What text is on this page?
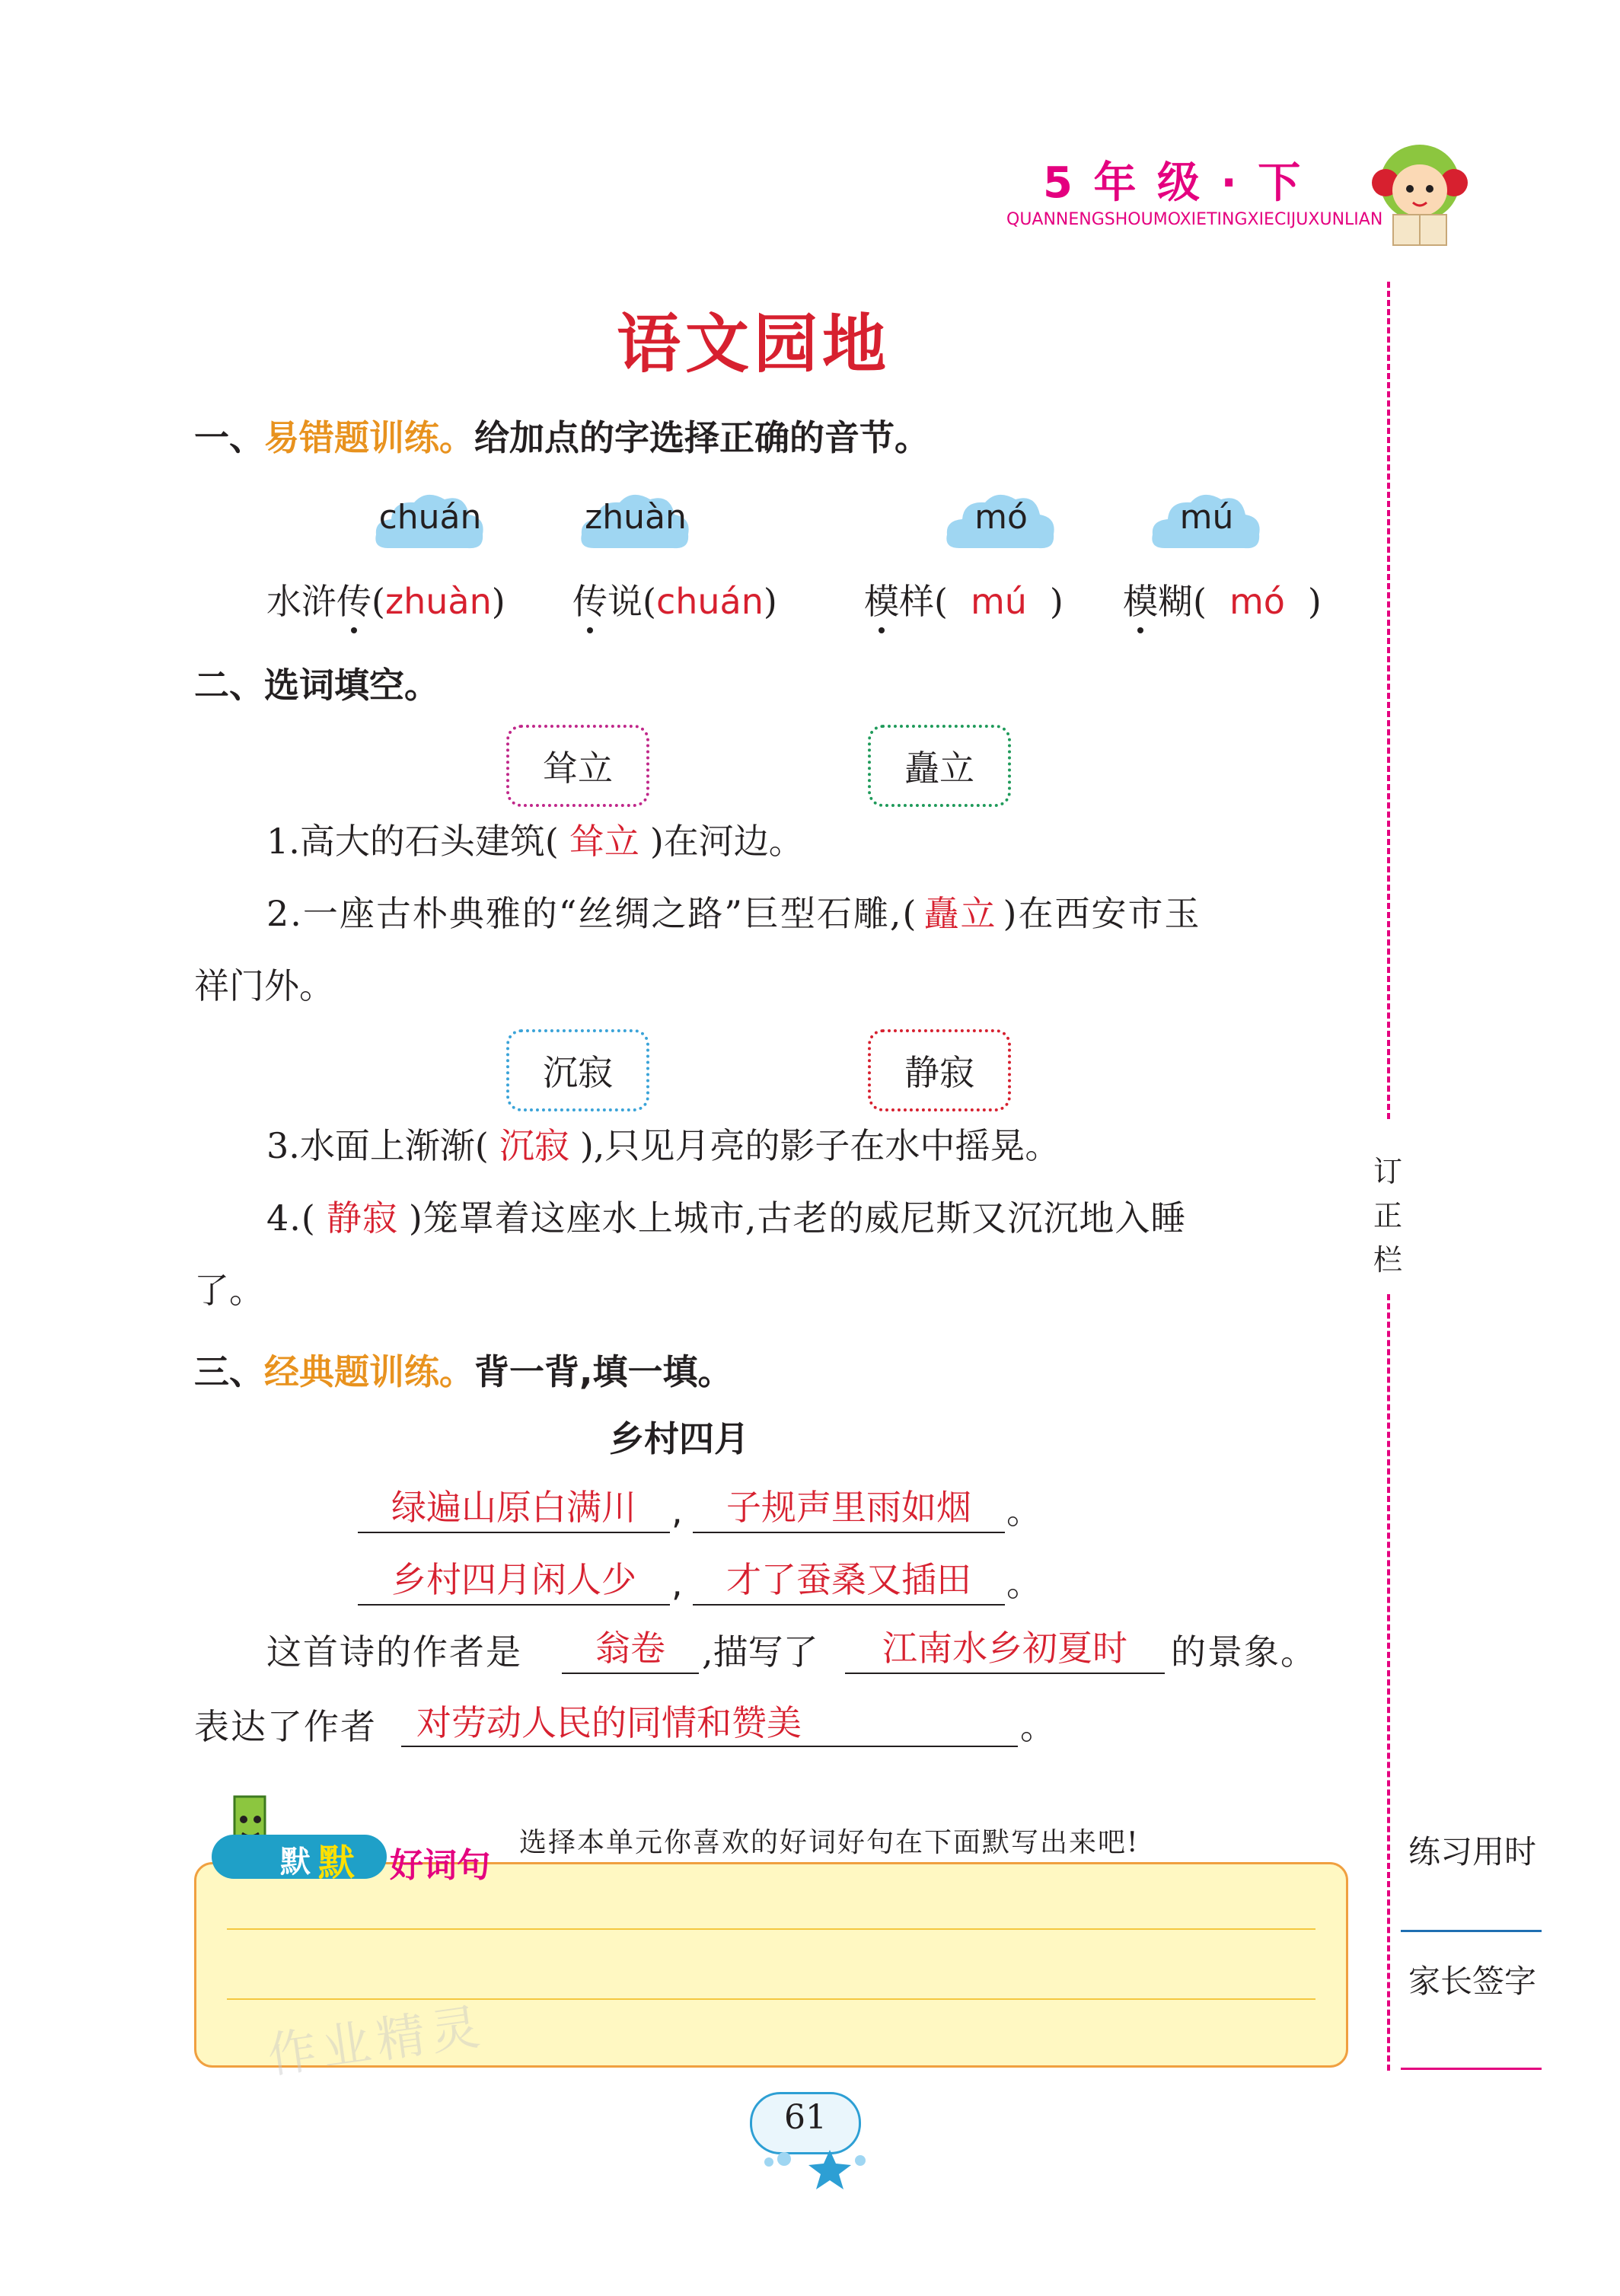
5 年 级 · 下
QUANNENGSHOUMOXIETINGXIECIJUXUNLIAN
语文园地
一、易错题训练。给加点的字选择正确的音节。
chuán	zhuàn	mó	mú
水浒传(zhuàn) 传说(chuán) 模样( mú ) 模糊( mó )
二、选词填空。
耸立	矗立
1.高大的石头建筑( 耸立 )在河边。
2.一座古朴典雅的“丝绸之路”巨型石雕,( 矗立 )在西安市玉
祥门外。
沉寂	静寂
3.水面上渐渐( 沉寂 ),只见月亮的影子在水中摇晃。
4.( 静寂 )笼罩着这座水上城市,古老的威尼斯又沉沉地入睡
了。
三、经典题训练。背一背,填一填。
乡村四月
绿遍山原白满川	,	子规声里雨如烟	。
乡村四月闲人少	,	才了蚕桑又插田	。
这首诗的作者是	翁卷	,描写了	江南水乡初夏时	的景象。
表达了作者	对劳动人民的同情和赞美	。
默 默 好词句
选择本单元你喜欢的好词好句在下面默写出来吧!
作业精灵
订
正
栏
练习用时
家长签字
61
